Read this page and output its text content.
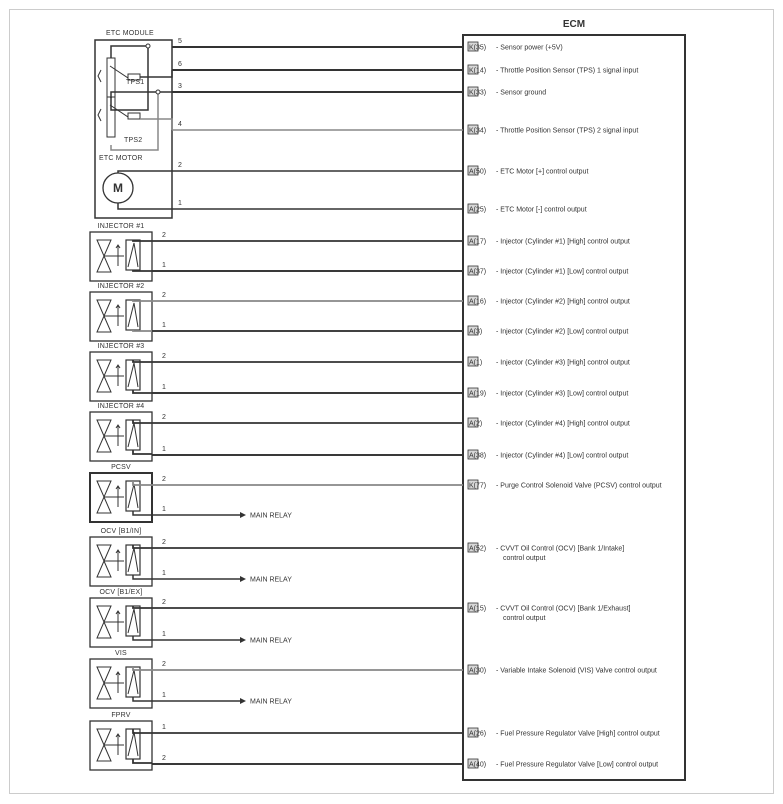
ECM
K(35) - Sensor power (+5V)
K(14) - Throttle Position Sensor (TPS) 1 signal input
K(33) - Sensor ground
K(34) - Throttle Position Sensor (TPS) 2 signal input
A(50) - ETC Motor [+] control output
A(25) - ETC Motor [-] control output
A(17) - Injector (Cylinder #1) [High] control output
A(37) - Injector (Cylinder #1) [Low] control output
A(16) - Injector (Cylinder #2) [High] control output
A(3) - Injector (Cylinder #2) [Low] control output
A(1) - Injector (Cylinder #3) [High] control output
A(19) - Injector (Cylinder #3) [Low] control output
A(2) - Injector (Cylinder #4) [High] control output
A(38) - Injector (Cylinder #4) [Low] control output
K(77) - Purge Control Solenoid Valve (PCSV) control output
A(52) - CVVT Oil Control (OCV) [Bank 1/Intake]
control output
A(15) - CVVT Oil Control (OCV) [Bank 1/Exhaust]
control output
A(30) - Variable Intake Solenoid (VIS) Valve control output
A(26) - Fuel Pressure Regulator Valve [High] control output
A(40) - Fuel Pressure Regulator Valve [Low] control output
ETC MODULE
TPS1
TPS2
ETC MOTOR
M
5
6
3
4
2
1
INJECTOR #1
2
1
INJECTOR #2
2
1
INJECTOR #3
2
1
INJECTOR #4
2
1
PCSV
MAIN RELAY
2
1
OCV [B1/IN]
MAIN RELAY
2
1
OCV [B1/EX]
MAIN RELAY
2
1
VIS
MAIN RELAY
2
1
FPRV
1
2
